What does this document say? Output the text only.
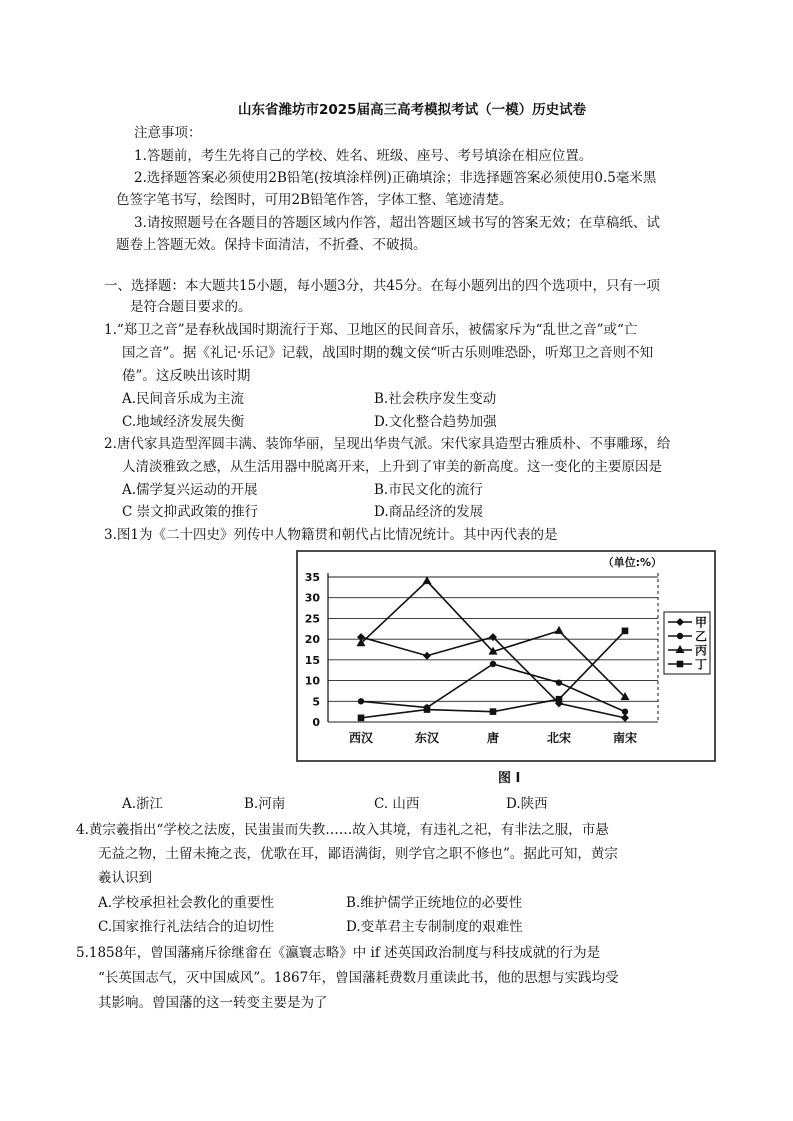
山东省潍坊市2025届高三高考模拟考试（一模）历史试卷
注意事项：
1.答题前，考生先将自己的学校、姓名、班级、座号、考号填涂在相应位置。
2.选择题答案必须使用2B铅笔(按填涂样例)正确填涂；非选择题答案必须使用0.5毫米黑
色签字笔书写，绘图时，可用2B铅笔作答，字体工整、笔迹清楚。
3.请按照题号在各题目的答题区域内作答，超出答题区域书写的答案无效；在草稿纸、试
题卷上答题无效。保持卡面清洁，不折叠、不破损。
一、选择题：本大题共15小题，每小题3分，共45分。在每小题列出的四个选项中，只有一项
是符合题目要求的。
1.“郑卫之音”是春秋战国时期流行于郑、卫地区的民间音乐，被儒家斥为“乱世之音”或“亡
国之音”。据《礼记·乐记》记载，战国时期的魏文侯“听古乐则唯恐卧，听郑卫之音则不知
倦”。这反映出该时期
A.民间音乐成为主流	B.社会秩序发生变动
C.地域经济发展失衡	D.文化整合趋势加强
2.唐代家具造型浑圆丰满、装饰华丽，呈现出华贵气派。宋代家具造型古雅质朴、不事雕琢，给
人清淡雅致之感，从生活用器中脱离开来，上升到了审美的新高度。这一变化的主要原因是
A.儒学复兴运动的开展	B.市民文化的流行
C 崇文抑武政策的推行	D.商品经济的发展
3.图1为《二十四史》列传中人物籍贯和朝代占比情况统计。其中丙代表的是
0
5
10
15
20
25
30
35
西汉	东汉	唐	北宋	南宋
（单位:%）
甲
乙
丙
丁
图 I
A.浙江	B.河南	C. 山西	D.陕西
4.黄宗羲指出“学校之法废，民蚩蚩而失教……故入其境，有违礼之祀，有非法之服，市悬
无益之物，土留未掩之丧，优歌在耳，鄙语满街，则学官之职不修也”。据此可知，黄宗
羲认识到
A.学校承担社会教化的重要性	B.维护儒学正统地位的必要性
C.国家推行礼法结合的迫切性	D.变革君主专制制度的艰难性
5.1858年，曾国藩痛斥徐继畲在《瀛寰志略》中 if 述英国政治制度与科技成就的行为是
“长英国志气，灭中国威风”。1867年，曾国藩耗费数月重读此书，他的思想与实践均受
其影响。曾国藩的这一转变主要是为了
